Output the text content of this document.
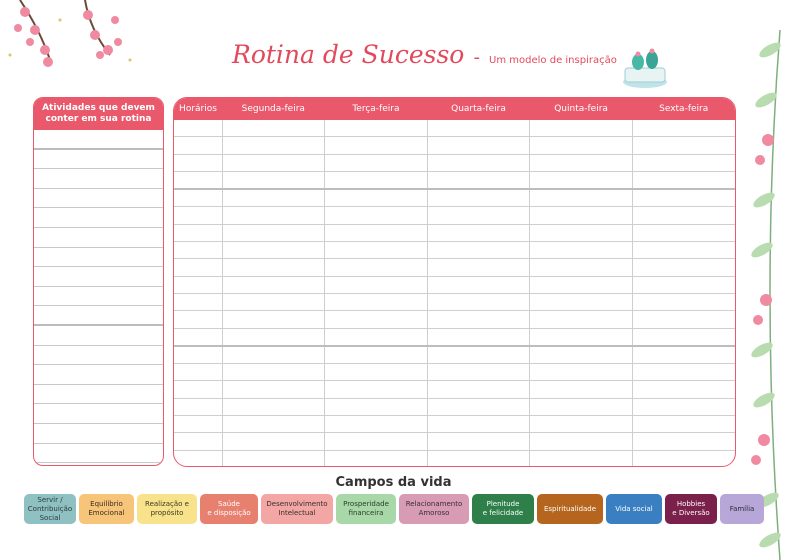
Rotina de Sucesso - Um modelo de inspiração
Atividades que devem conter em sua rotina
Horários	Segunda-feira	Terça-feira	Quarta-feira	Quinta-feira	Sexta-feira

Campos da vida
Servir /
Contribuição
Social
Equilíbrio
Emocional
Realização e
propósito
Saúde
e disposição
Desenvolvimento
Intelectual
Prosperidade
financeira
Relacionamento
Amoroso
Plenitude
e felicidade
Espiritualidade	Vida social
Hobbies
e Diversão
Família
